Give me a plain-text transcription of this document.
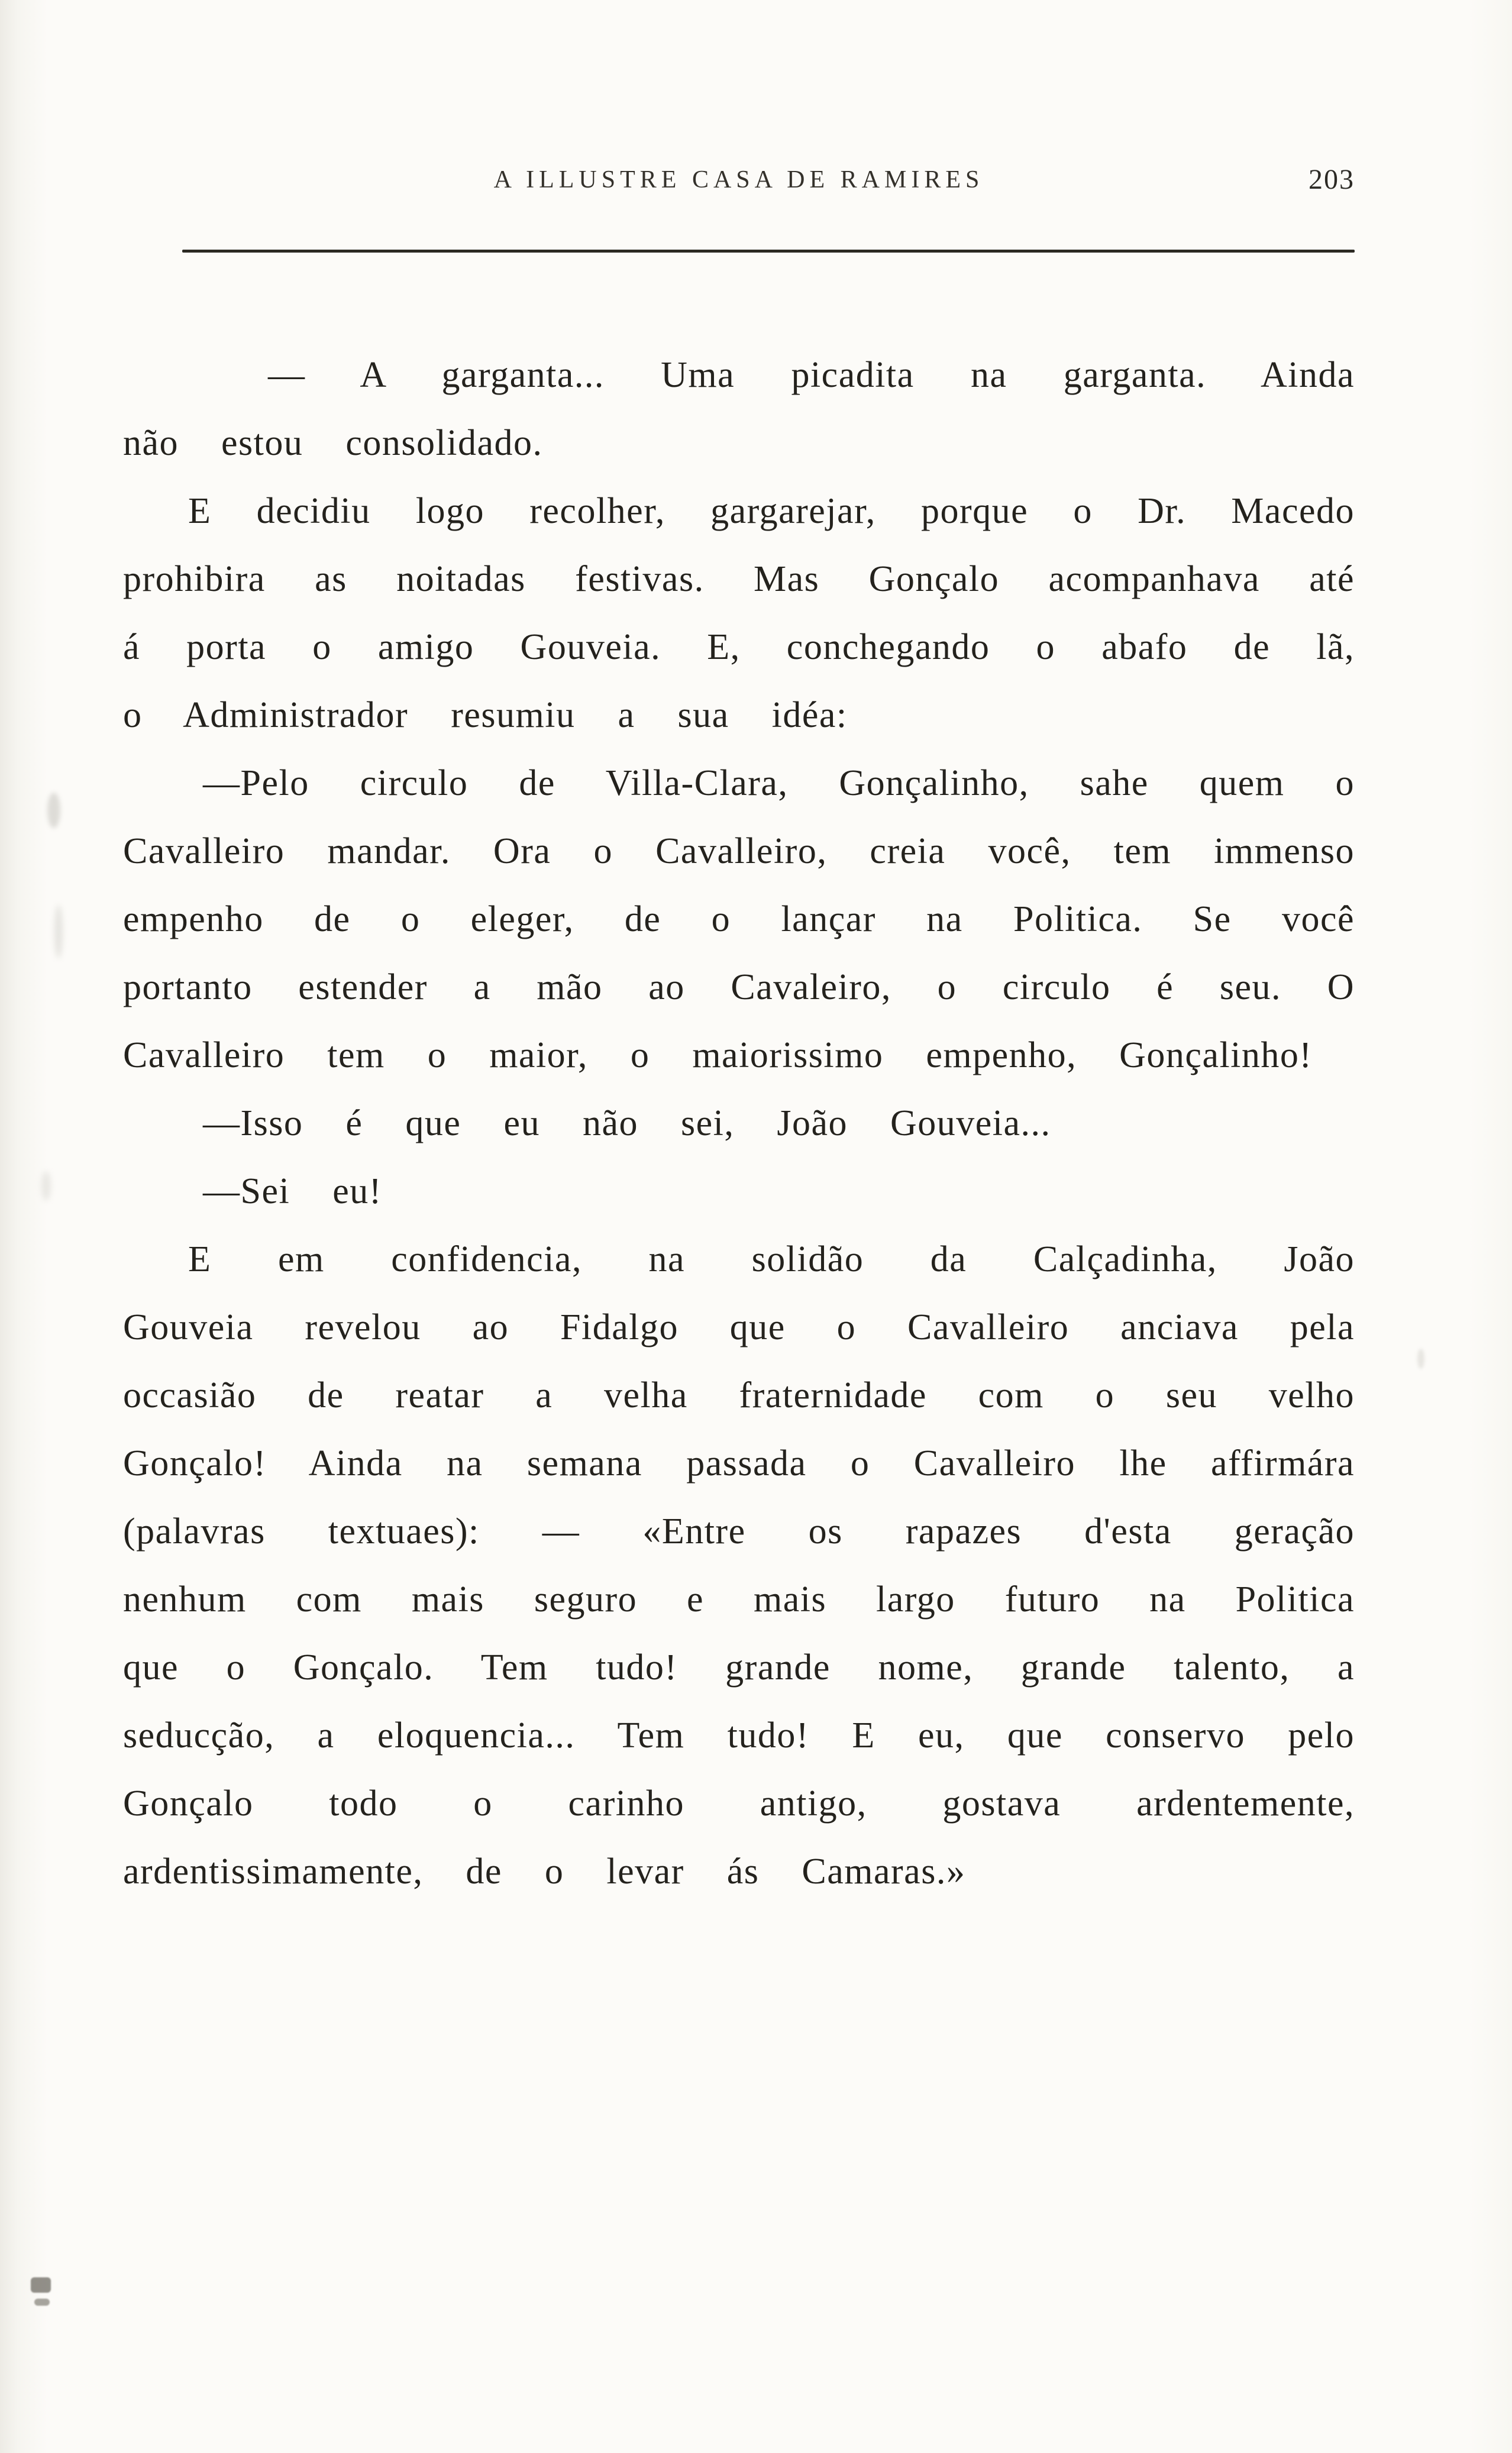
A ILLUSTRE CASA DE RAMIRES	203

— A garganta... Uma picadita na garganta. Ainda não estou consolidado.

E decidiu logo recolher, gargarejar, porque o Dr. Macedo prohibira as noitadas festivas. Mas Gonçalo acompanhava até á porta o amigo Gouveia. E, conchegando o abafo de lã, o Administrador resumiu a sua idéa:

—Pelo circulo de Villa-Clara, Gonçalinho, sahe quem o Cavalleiro mandar. Ora o Cavalleiro, creia você, tem immenso empenho de o eleger, de o lançar na Politica. Se você portanto estender a mão ao Cavaleiro, o circulo é seu. O Cavalleiro tem o maior, o maiorissimo empenho, Gonçalinho!

—Isso é que eu não sei, João Gouveia...

—Sei eu!

E em confidencia, na solidão da Calçadinha, João Gouveia revelou ao Fidalgo que o Cavalleiro anciava pela occasião de reatar a velha fraternidade com o seu velho Gonçalo! Ainda na semana passada o Cavalleiro lhe affirmára (palavras textuaes): — «Entre os rapazes d'esta geração nenhum com mais seguro e mais largo futuro na Politica que o Gonçalo. Tem tudo! grande nome, grande talento, a seducção, a eloquencia... Tem tudo! E eu, que conservo pelo Gonçalo todo o carinho antigo, gostava ardentemente, ardentissimamente, de o levar ás Camaras.»
